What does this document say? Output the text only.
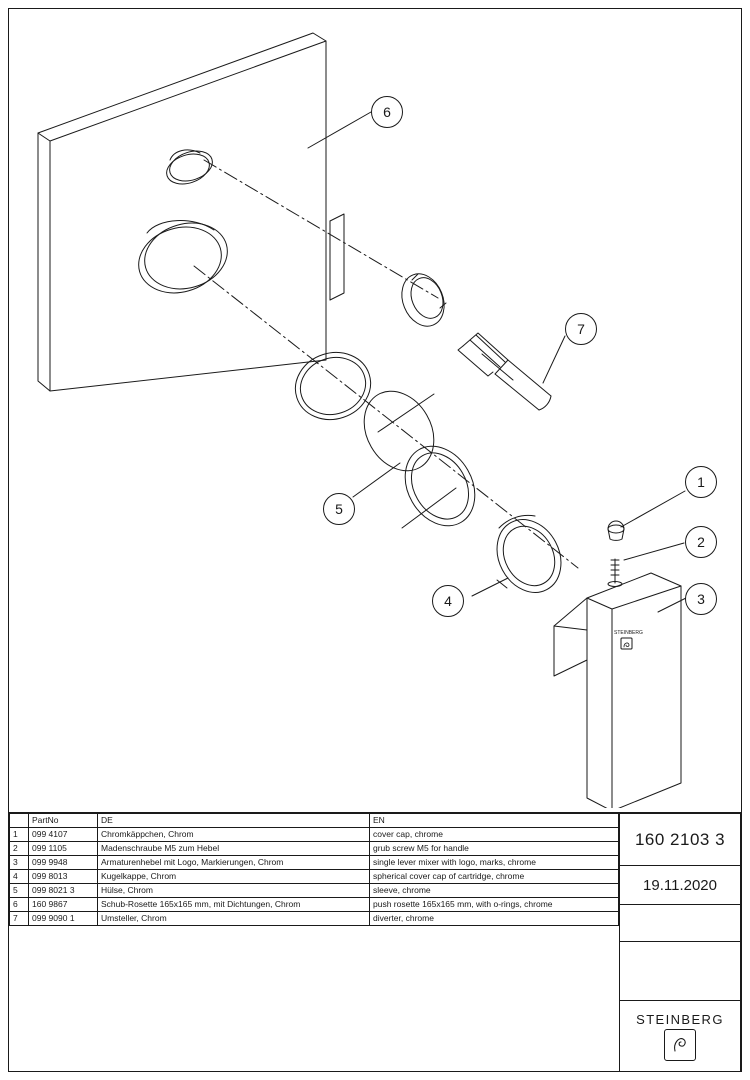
STEINBERG
6
7
5
4
1
2
3
	PartNo	DE	EN
1	099 4107	Chromkäppchen, Chrom	cover cap, chrome
2	099 1105	Madenschraube M5 zum Hebel	grub screw M5 for handle
3	099 9948	Armaturenhebel mit Logo, Markierungen, Chrom	single lever mixer with logo, marks, chrome
4	099 8013	Kugelkappe, Chrom	spherical cover cap of cartridge, chrome
5	099 8021 3	Hülse, Chrom	sleeve, chrome
6	160 9867	Schub-Rosette 165x165 mm, mit Dichtungen, Chrom	push rosette 165x165 mm, with o-rings, chrome
7	099 9090 1	Umsteller, Chrom	diverter, chrome
160 2103 3
19.11.2020
STEINBERG
